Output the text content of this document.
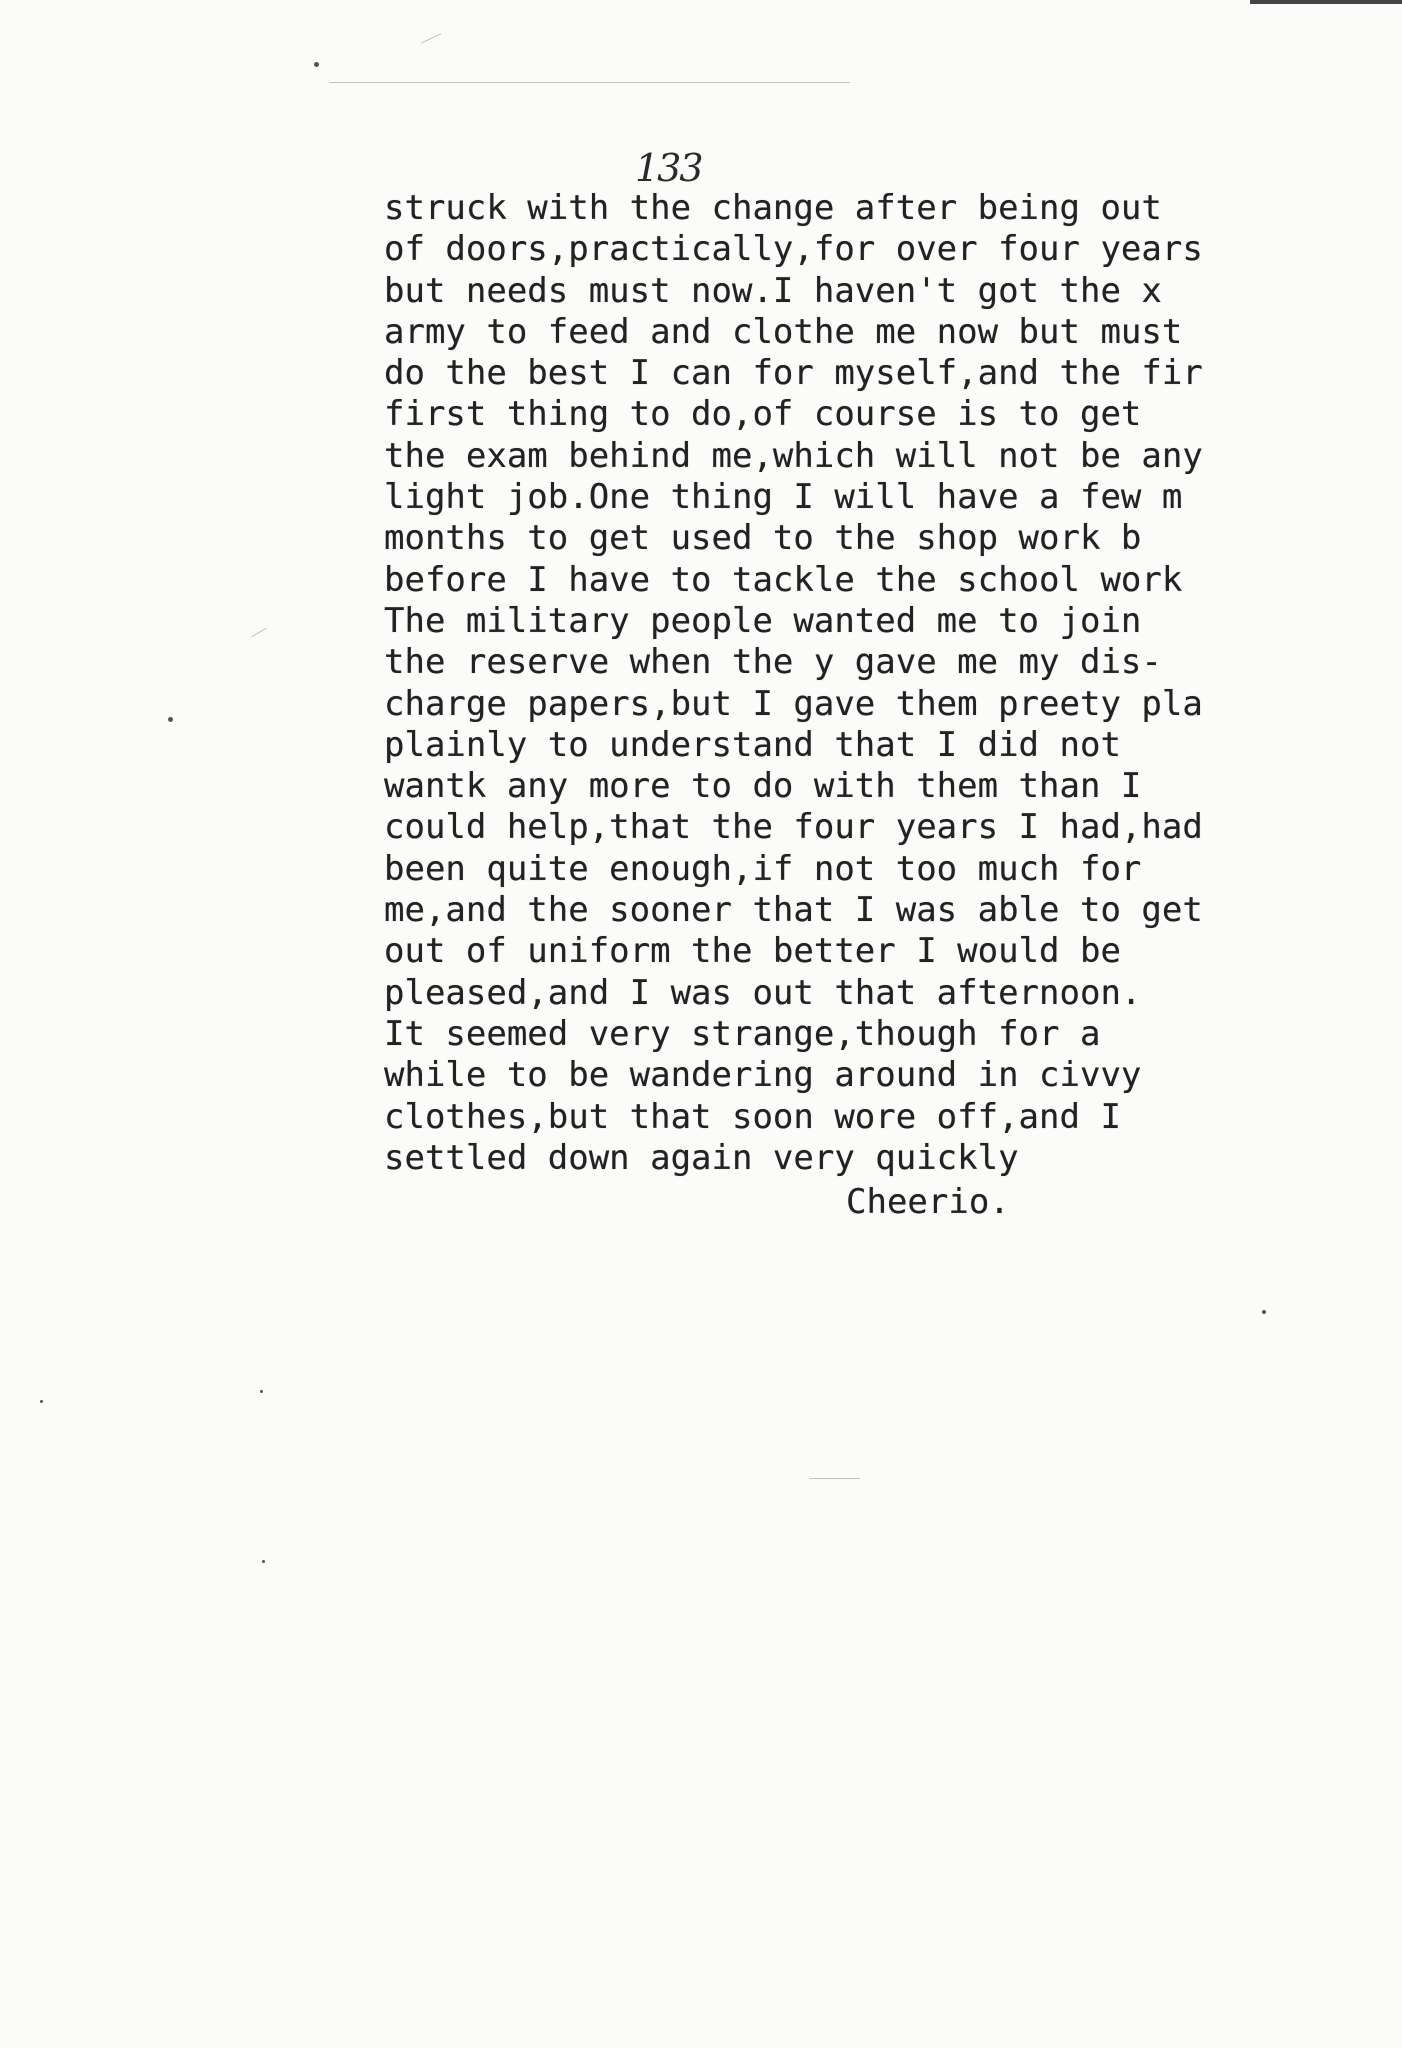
133
struck with the change after being out
of doors,practically,for over four years
but needs must now.I haven't got the x
army to feed and clothe me now but must
do the best I can for myself,and the fir
first thing to do,of course is to get
the exam behind me,which will not be any
light job.One thing I will have a few m
months to get used to the shop work b
before I have to tackle the school work
The military people wanted me to join
the reserve when the y gave me my dis-
charge papers,but I gave them preety pla
plainly to understand that I did not
wantk any more to do with them than I
could help,that the four years I had,had
been quite enough,if not too much for
me,and the sooner that I was able to get
out of uniform the better I would be
pleased,and I was out that afternoon.
It seemed very strange,though for a
while to be wandering around in civvy
clothes,but that soon wore off,and I
settled down again very quickly
Cheerio.
